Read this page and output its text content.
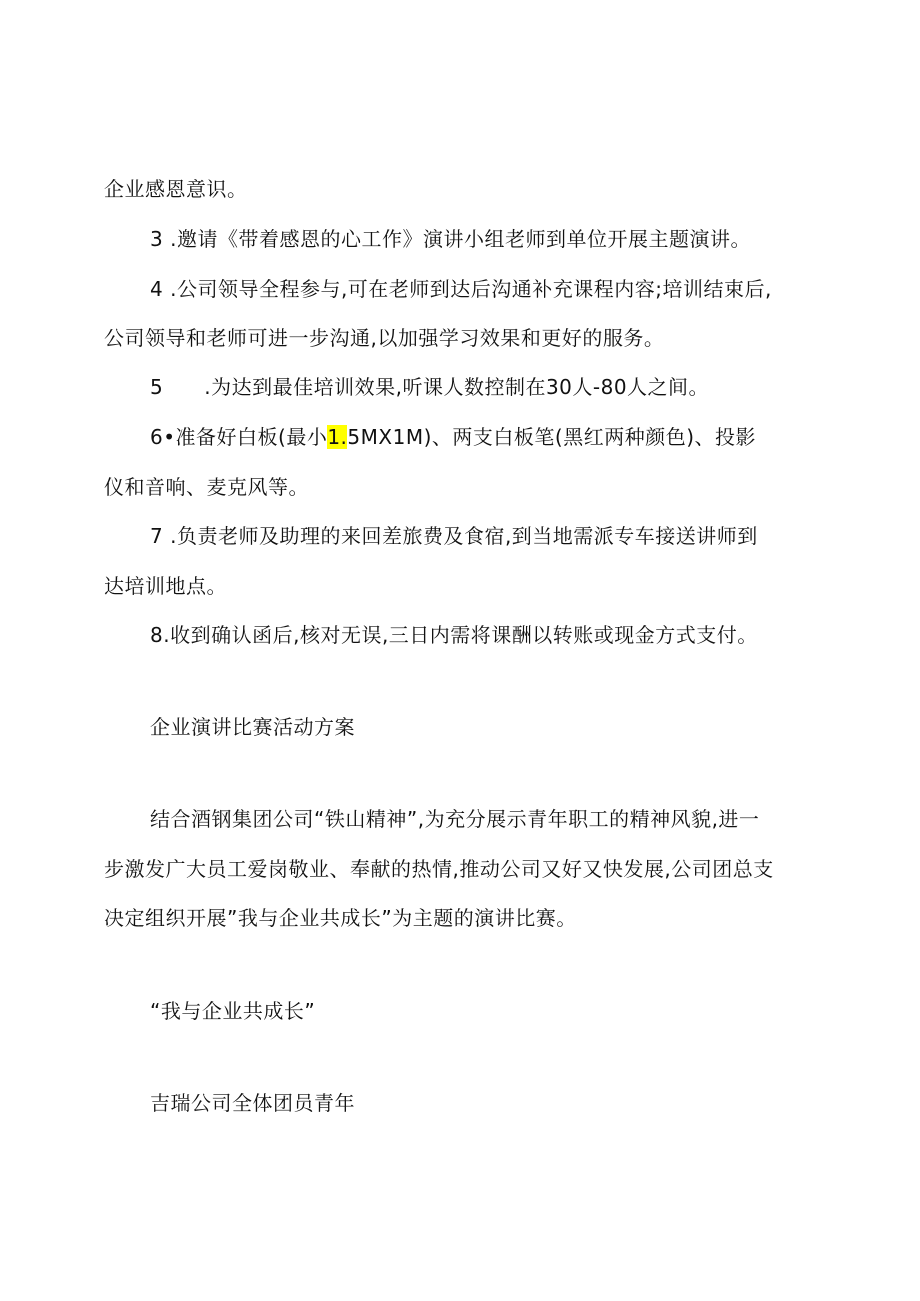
企业感恩意识。
3 .邀请《带着感恩的心工作》演讲小组老师到单位开展主题演讲。
4 .公司领导全程参与,可在老师到达后沟通补充课程内容;培训结束后,
公司领导和老师可进一步沟通,以加强学习效果和更好的服务。
5　　.为达到最佳培训效果,听课人数控制在30人-80人之间。
6•准备好白板(最小1.5MX1M)、两支白板笔(黑红两种颜色)、投影
仪和音响、麦克风等。
7 .负责老师及助理的来回差旅费及食宿,到当地需派专车接送讲师到
达培训地点。
8.收到确认函后,核对无误,三日内需将课酬以转账或现金方式支付。
企业演讲比赛活动方案
结合酒钢集团公司“铁山精神”,为充分展示青年职工的精神风貌,进一
步激发广大员工爱岗敬业、奉献的热情,推动公司又好又快发展,公司团总支
决定组织开展”我与企业共成长”为主题的演讲比赛。
“我与企业共成长”
吉瑞公司全体团员青年
